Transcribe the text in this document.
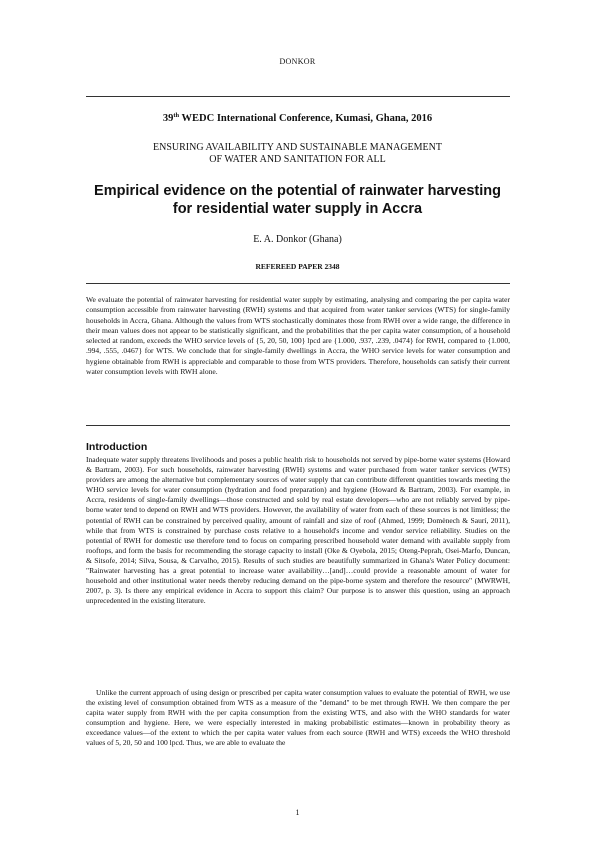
DONKOR
39th WEDC International Conference, Kumasi, Ghana, 2016
ENSURING AVAILABILITY AND SUSTAINABLE MANAGEMENT
OF WATER AND SANITATION FOR ALL
Empirical evidence on the potential of rainwater harvesting
for residential water supply in Accra
E. A. Donkor (Ghana)
REFEREED PAPER 2348

We evaluate the potential of rainwater harvesting for residential water supply by estimating, analysing and comparing the per capita water consumption accessible from rainwater harvesting (RWH) systems and that acquired from water tanker services (WTS) for single-family households in Accra, Ghana. Although the values from WTS stochastically dominates those from RWH over a wide range, the difference in their mean values does not appear to be statistically significant, and the probabilities that the per capita water consumption, of a household selected at random, exceeds the WHO service levels of {5, 20, 50, 100} lpcd are {1.000, .937, .239, .0474} for RWH, compared to {1.000, .994, .555, .0467} for WTS. We conclude that for single-family dwellings in Accra, the WHO service levels for water consumption and hygiene obtainable from RWH is appreciable and comparable to those from WTS providers. Therefore, households can satisfy their current water consumption levels with RWH alone.

Introduction

Inadequate water supply threatens livelihoods and poses a public health risk to households not served by pipe-borne water systems (Howard & Bartram, 2003). For such households, rainwater harvesting (RWH) systems and water purchased from water tanker services (WTS) providers are among the alternative but complementary sources of water supply that can contribute different quantities towards meeting the WHO service levels for water consumption (hydration and food preparation) and hygiene (Howard & Bartram, 2003). For example, in Accra, residents of single-family dwellings—those constructed and sold by real estate developers—who are not reliably served by pipe-borne water tend to depend on RWH and WTS providers. However, the availability of water from each of these sources is not limitless; the potential of RWH can be constrained by perceived quality, amount of rainfall and size of roof (Ahmed, 1999; Domènech & Saurí, 2011), while that from WTS is constrained by purchase costs relative to a household's income and vendor service reliability. Studies on the potential of RWH for domestic use therefore tend to focus on comparing prescribed household water demand with available supply from rooftops, and form the basis for recommending the storage capacity to install (Oke & Oyebola, 2015; Oteng-Peprah, Osei-Marfo, Duncan, & Sitsofe, 2014; Silva, Sousa, & Carvalho, 2015). Results of such studies are beautifully summarized in Ghana's Water Policy document: "Rainwater harvesting has a great potential to increase water availability…[and]…could provide a reasonable amount of water for household and other institutional water needs thereby reducing demand on the pipe-borne system and therefore the resource" (MWRWH, 2007, p. 3). Is there any empirical evidence in Accra to support this claim? Our purpose is to answer this question, using an approach unprecedented in the existing literature.

Unlike the current approach of using design or prescribed per capita water consumption values to evaluate the potential of RWH, we use the existing level of consumption obtained from WTS as a measure of the "demand" to be met through RWH. We then compare the per capita water supply from RWH with the per capita consumption from the existing WTS, and also with the WHO standards for water consumption and hygiene. Here, we were especially interested in making probabilistic estimates—known in probability theory as exceedance values—of the extent to which the per capita water values from each source (RWH and WTS) exceeds the WHO threshold values of 5, 20, 50 and 100 lpcd. Thus, we are able to evaluate the

1
